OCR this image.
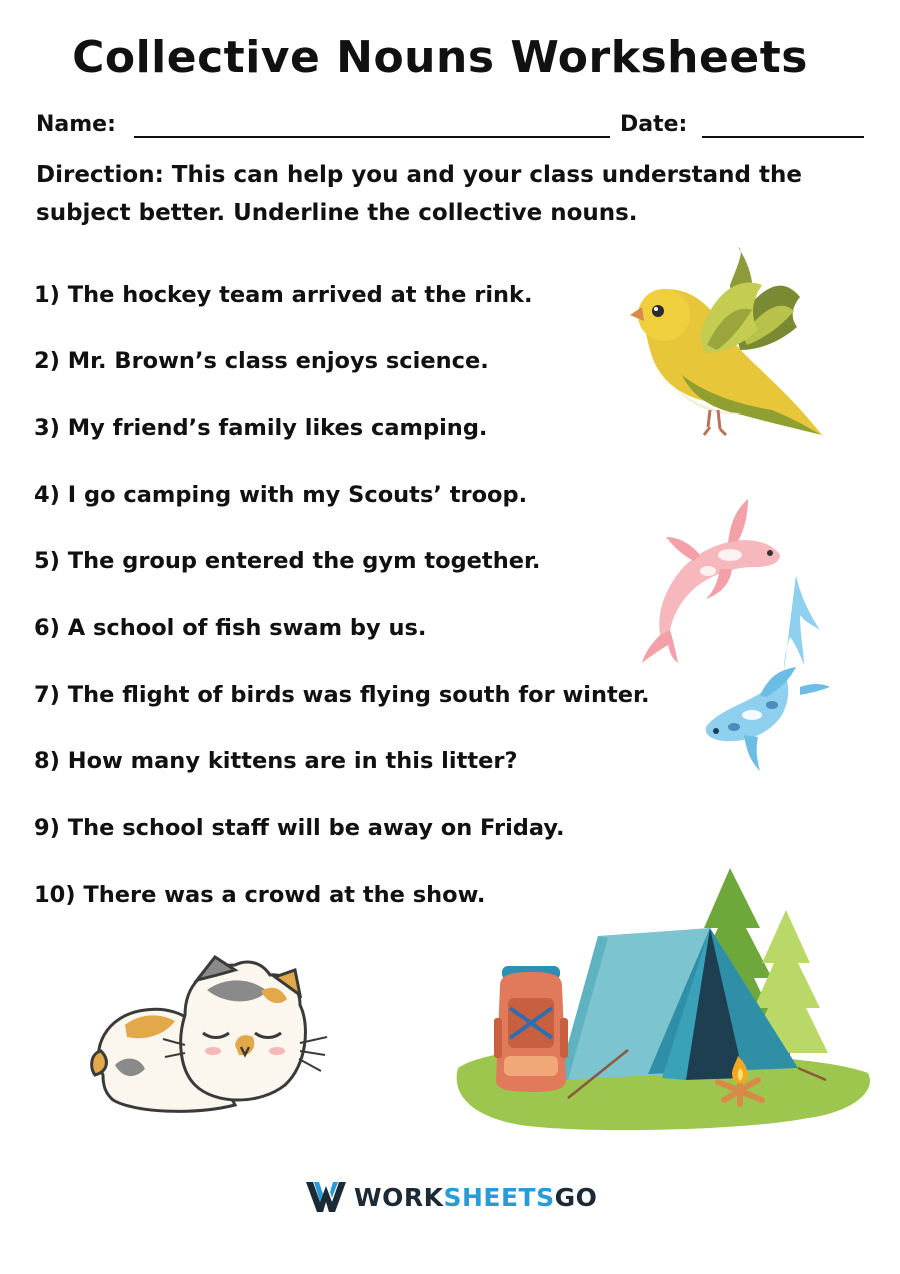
Collective Nouns Worksheets
Name:	Date:
Direction: This can help you and your class understand the subject better. Underline the collective nouns.
1) The hockey team arrived at the rink.
2) Mr. Brown’s class enjoys science.
3) My friend’s family likes camping.
4) I go camping with my Scouts’ troop.
5) The group entered the gym together.
6) A school of fish swam by us.
7) The flight of birds was flying south for winter.
8) How many kittens are in this litter?
9) The school staff will be away on Friday.
10) There was a crowd at the show.
WORK SHEETS GO
